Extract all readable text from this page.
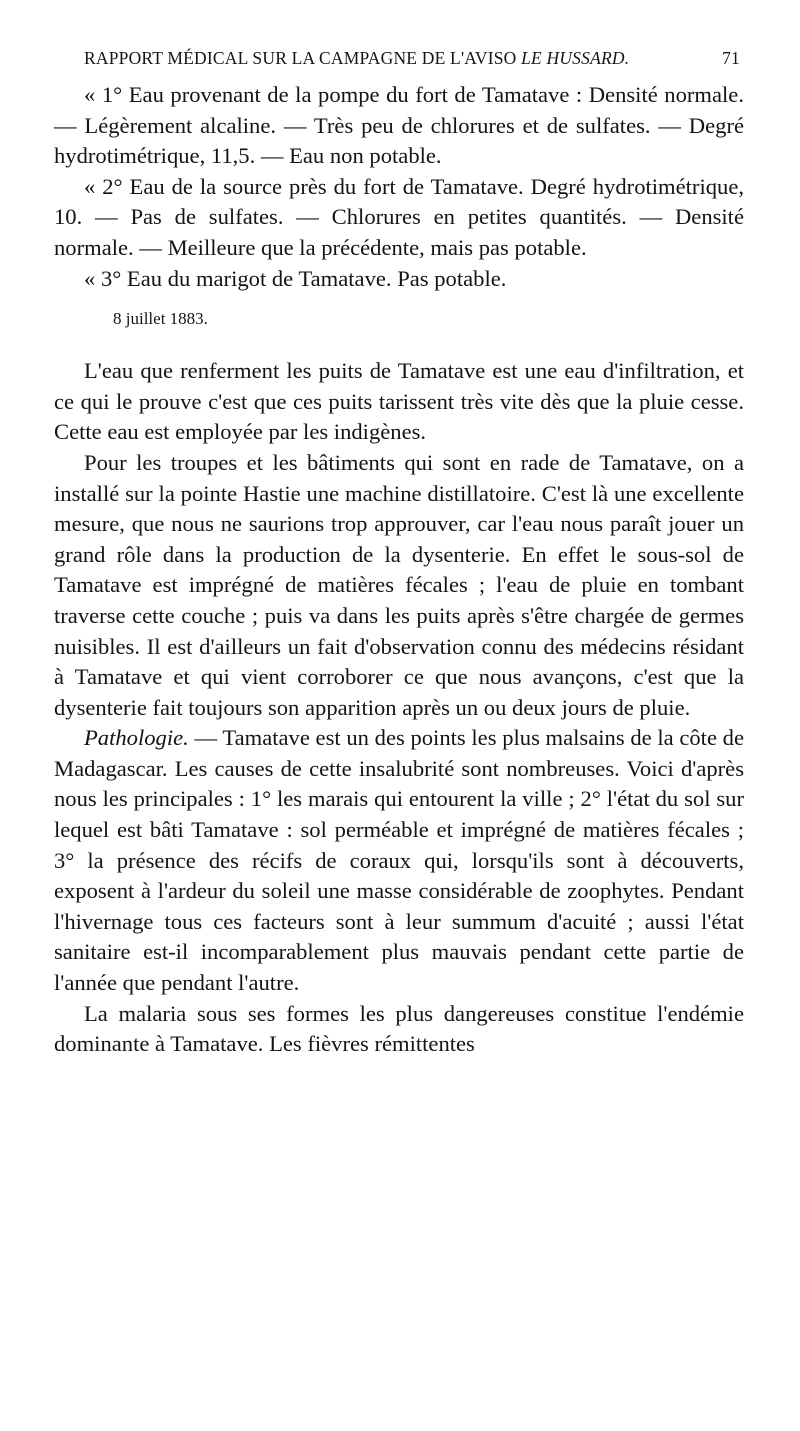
RAPPORT MÉDICAL SUR LA CAMPAGNE DE L'AVISO LE HUSSARD.	71

« 1° Eau provenant de la pompe du fort de Tamatave : Densité normale. — Légèrement alcaline. — Très peu de chlorures et de sulfates. — Degré hydrotimétrique, 11,5. — Eau non potable.

« 2° Eau de la source près du fort de Tamatave. Degré hydrotimétrique, 10. — Pas de sulfates. — Chlorures en petites quantités. — Densité normale. — Meilleure que la précédente, mais pas potable.

« 3° Eau du marigot de Tamatave. Pas potable.

8 juillet 1883.

L'eau que renferment les puits de Tamatave est une eau d'infiltration, et ce qui le prouve c'est que ces puits tarissent très vite dès que la pluie cesse. Cette eau est employée par les indigènes.

Pour les troupes et les bâtiments qui sont en rade de Tamatave, on a installé sur la pointe Hastie une machine distillatoire. C'est là une excellente mesure, que nous ne saurions trop approuver, car l'eau nous paraît jouer un grand rôle dans la production de la dysenterie. En effet le sous-sol de Tamatave est imprégné de matières fécales ; l'eau de pluie en tombant traverse cette couche ; puis va dans les puits après s'être chargée de germes nuisibles. Il est d'ailleurs un fait d'observation connu des médecins résidant à Tamatave et qui vient corroborer ce que nous avançons, c'est que la dysenterie fait toujours son apparition après un ou deux jours de pluie.

Pathologie. — Tamatave est un des points les plus malsains de la côte de Madagascar. Les causes de cette insalubrité sont nombreuses. Voici d'après nous les principales : 1° les marais qui entourent la ville ; 2° l'état du sol sur lequel est bâti Tamatave : sol perméable et imprégné de matières fécales ; 3° la présence des récifs de coraux qui, lorsqu'ils sont à découverts, exposent à l'ardeur du soleil une masse considérable de zoophytes. Pendant l'hivernage tous ces facteurs sont à leur summum d'acuité ; aussi l'état sanitaire est-il incomparablement plus mauvais pendant cette partie de l'année que pendant l'autre.

La malaria sous ses formes les plus dangereuses constitue l'endémie dominante à Tamatave. Les fièvres rémittentes
